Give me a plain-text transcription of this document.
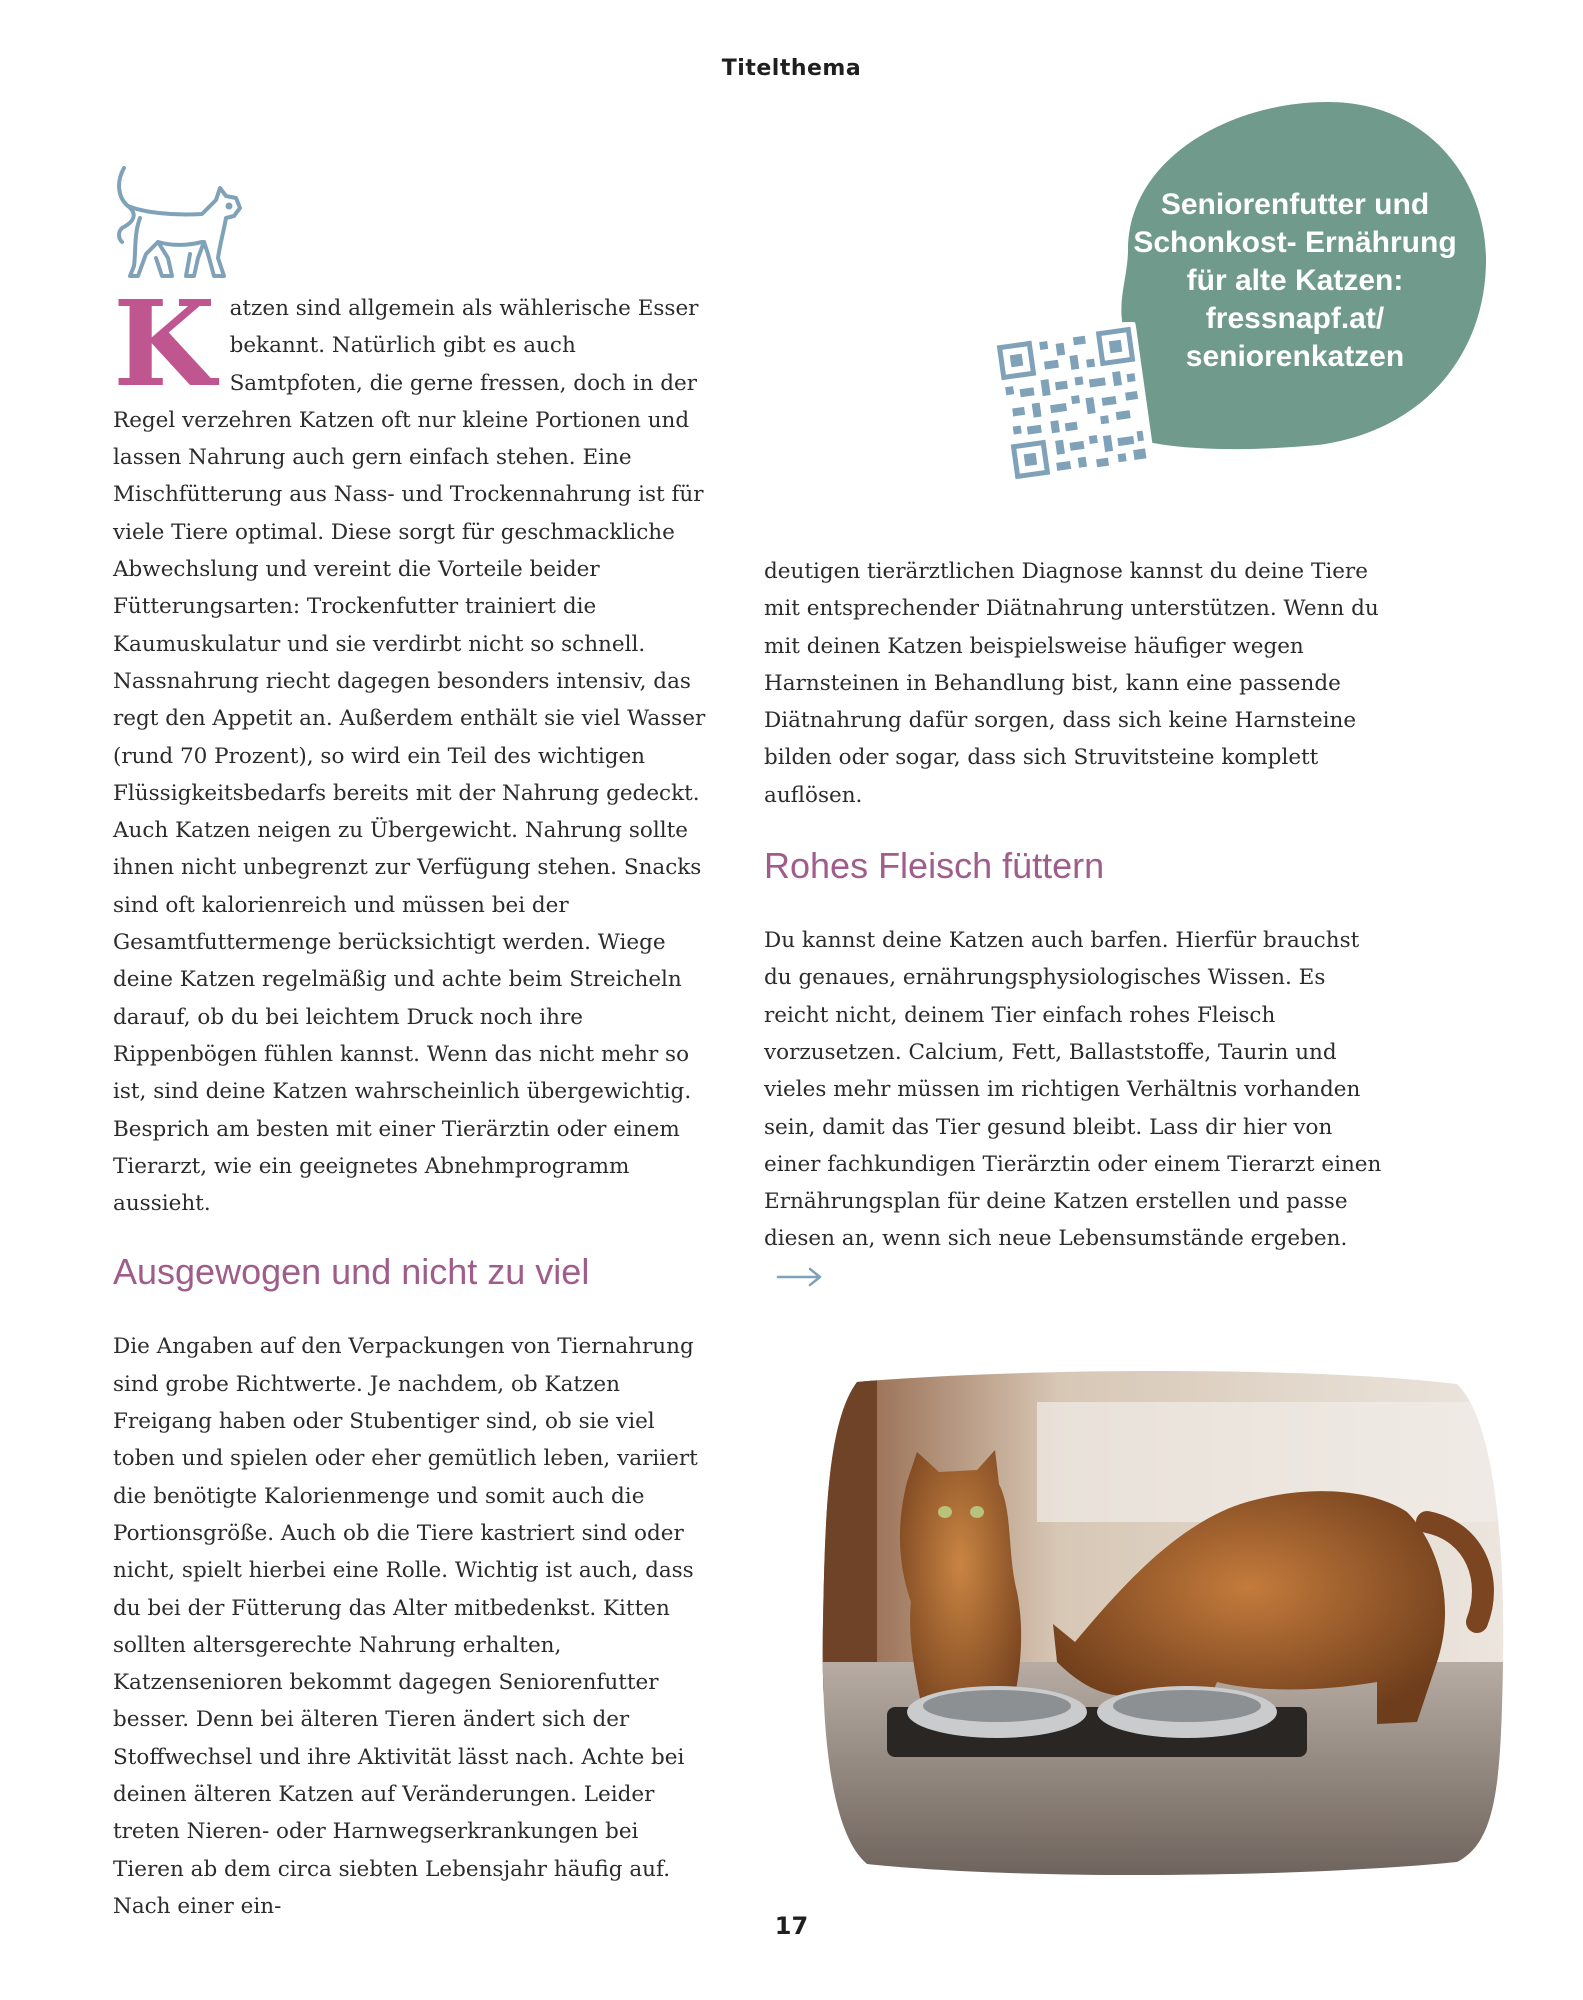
Titelthema
Seniorenfutter und
Schonkost- Ernährung
für alte Katzen:
fressnapf.at/
seniorenkatzen
K atzen sind allgemein als wählerische Esser bekannt. Natürlich gibt es auch Samtpfoten, die gerne fressen, doch in der Regel verzehren Katzen oft nur kleine Portionen und lassen Nahrung auch gern einfach stehen. Eine Mischfütterung aus Nass- und Trockennahrung ist für viele Tiere optimal. Diese sorgt für geschmackliche Abwechslung und vereint die Vorteile beider Fütterungsarten: Trockenfutter trainiert die Kaumuskulatur und sie verdirbt nicht so schnell. Nassnahrung riecht dagegen besonders intensiv, das regt den Appetit an. Außerdem enthält sie viel Wasser (rund 70 Prozent), so wird ein Teil des wichtigen Flüssigkeitsbedarfs bereits mit der Nahrung gedeckt.

Auch Katzen neigen zu Übergewicht. Nahrung sollte ihnen nicht unbegrenzt zur Verfügung stehen. Snacks sind oft kalorienreich und müssen bei der Gesamtfuttermenge berücksichtigt werden. Wiege deine Katzen regelmäßig und achte beim Streicheln darauf, ob du bei leichtem Druck noch ihre Rippenbögen fühlen kannst. Wenn das nicht mehr so ist, sind deine Katzen wahrscheinlich übergewichtig. Besprich am besten mit einer Tierärztin oder einem Tierarzt, wie ein geeignetes Abnehmprogramm aussieht.

Ausgewogen und nicht zu viel

Die Angaben auf den Verpackungen von Tiernahrung sind grobe Richtwerte. Je nachdem, ob Katzen Freigang haben oder Stubentiger sind, ob sie viel toben und spielen oder eher gemütlich leben, variiert die benötigte Kalorienmenge und somit auch die Portionsgröße. Auch ob die Tiere kastriert sind oder nicht, spielt hierbei eine Rolle. Wichtig ist auch, dass du bei der Fütterung das Alter mitbedenkst. Kitten sollten altersgerechte Nahrung erhalten, Katzensenioren bekommt dagegen Seniorenfutter besser. Denn bei älteren Tieren ändert sich der Stoffwechsel und ihre Aktivität lässt nach. Achte bei deinen älteren Katzen auf Veränderungen. Leider treten Nieren- oder Harnwegserkrankungen bei Tieren ab dem circa siebten Lebensjahr häufig auf. Nach einer ein-

deutigen tierärztlichen Diagnose kannst du deine Tiere mit entsprechender Diätnahrung unterstützen. Wenn du mit deinen Katzen beispielsweise häufiger wegen Harnsteinen in Behandlung bist, kann eine passende Diätnahrung dafür sorgen, dass sich keine Harnsteine bilden oder sogar, dass sich Struvitsteine komplett auflösen.

Rohes Fleisch füttern

Du kannst deine Katzen auch barfen. Hierfür brauchst du genaues, ernährungsphysiologisches Wissen. Es reicht nicht, deinem Tier einfach rohes Fleisch vorzusetzen. Calcium, Fett, Ballaststoffe, Taurin und vieles mehr müssen im richtigen Verhältnis vorhanden sein, damit das Tier gesund bleibt. Lass dir hier von einer fachkundigen Tierärztin oder einem Tierarzt einen Ernährungsplan für deine Katzen erstellen und passe diesen an, wenn sich neue Lebensumstände ergeben.

17
